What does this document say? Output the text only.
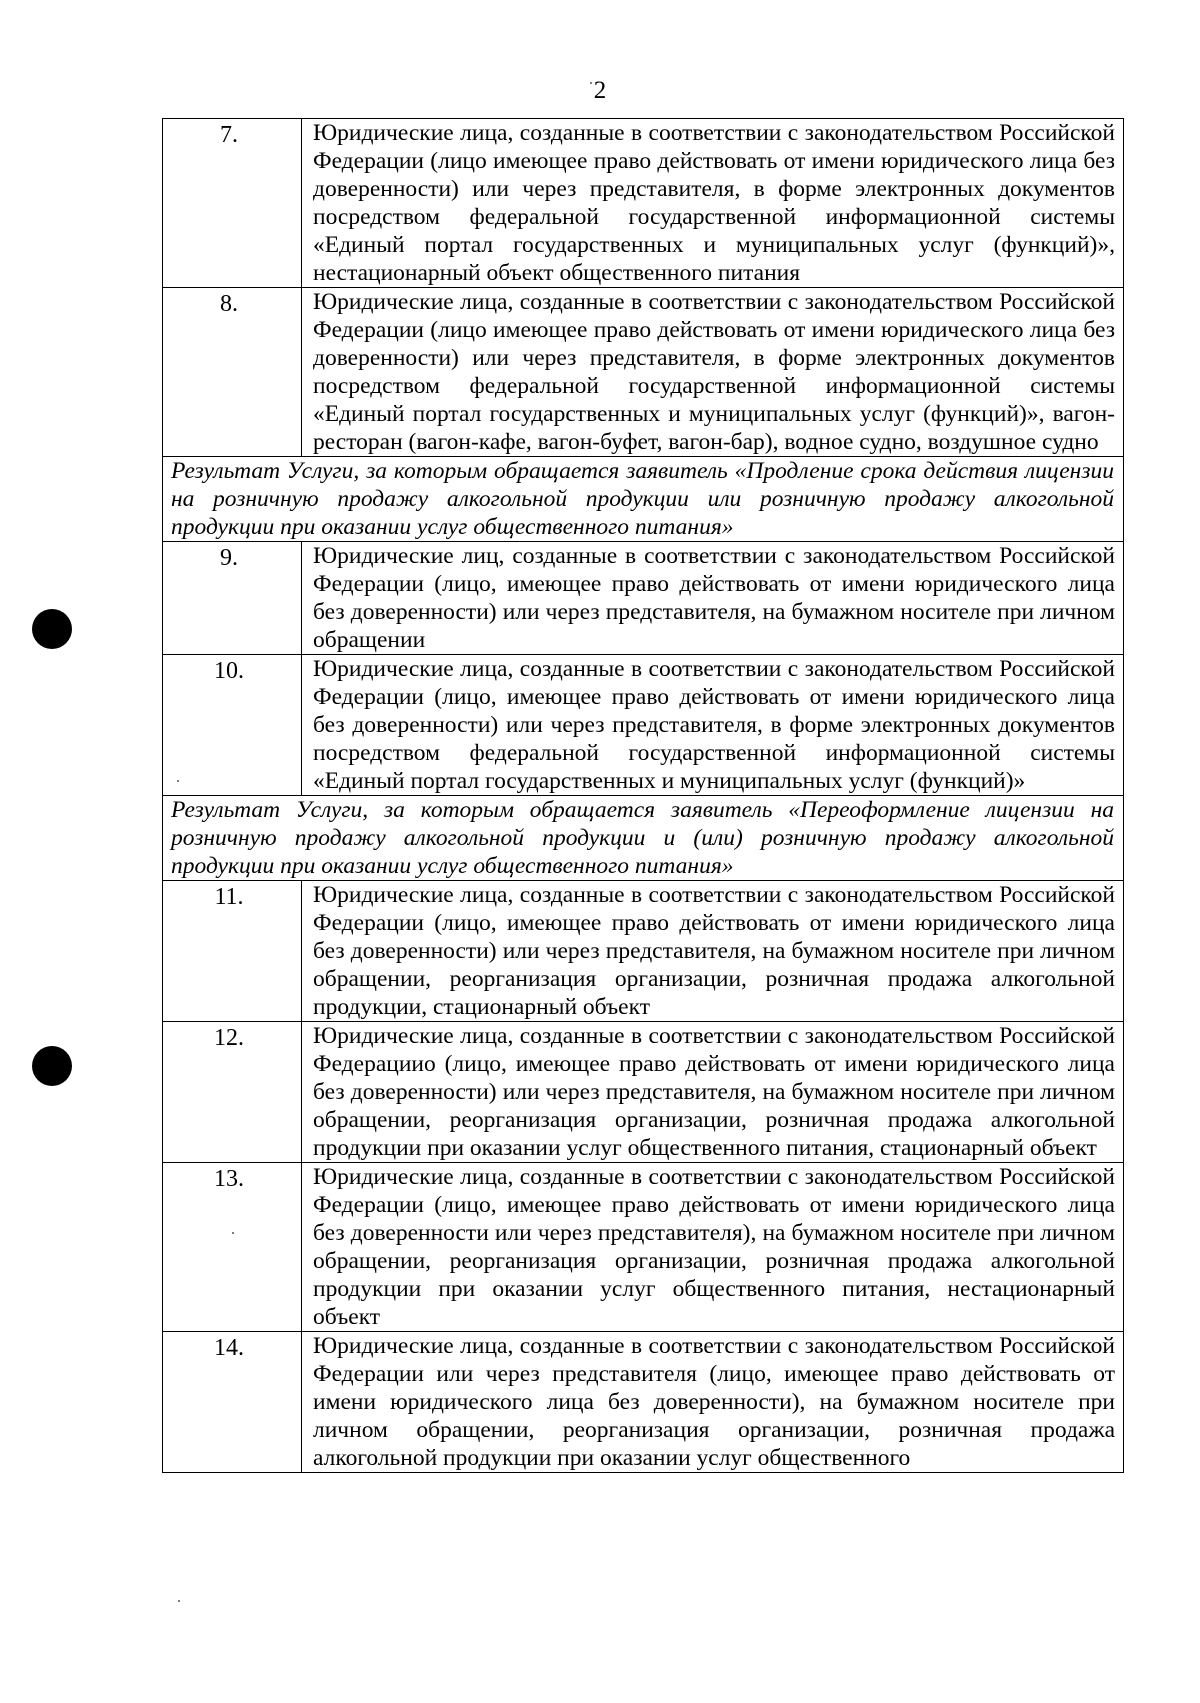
2
7.	Юридические лица, созданные в соответствии с законодательством Российской Федерации (лицо имеющее право действовать от имени юридического лица без доверенности) или через представителя, в форме электронных документов посредством федеральной государственной информационной системы «Единый портал государственных и муниципальных услуг (функций)», нестационарный объект общественного питания
8.	Юридические лица, созданные в соответствии с законодательством Российской Федерации (лицо имеющее право действовать от имени юридического лица без доверенности) или через представителя, в форме электронных документов посредством федеральной государственной информационной системы «Единый портал государственных и муниципальных услуг (функций)», вагон-ресторан (вагон-кафе, вагон-буфет, вагон-бар), водное судно, воздушное судно
Результат Услуги, за которым обращается заявитель «Продление срока действия лицензии на розничную продажу алкогольной продукции или розничную продажу алкогольной продукции при оказании услуг общественного питания»	
9.	Юридические лиц, созданные в соответствии с законодательством Российской Федерации (лицо, имеющее право действовать от имени юридического лица без доверенности) или через представителя, на бумажном носителе при личном обращении
10.	Юридические лица, созданные в соответствии с законодательством Российской Федерации (лицо, имеющее право действовать от имени юридического лица без доверенности) или через представителя, в форме электронных документов посредством федеральной государственной информационной системы «Единый портал государственных и муниципальных услуг (функций)»
Результат Услуги, за которым обращается заявитель «Переоформление лицензии на розничную продажу алкогольной продукции и (или) розничную продажу алкогольной продукции при оказании услуг общественного питания»	
11.	Юридические лица, созданные в соответствии с законодательством Российской Федерации (лицо, имеющее право действовать от имени юридического лица без доверенности) или через представителя, на бумажном носителе при личном обращении, реорганизация организации, розничная продажа алкогольной продукции, стационарный объект
12.	Юридические лица, созданные в соответствии с законодательством Российской Федерациио (лицо, имеющее право действовать от имени юридического лица без доверенности) или через представителя, на бумажном носителе при личном обращении, реорганизация организации, розничная продажа алкогольной продукции при оказании услуг общественного питания, стационарный объект
13.	Юридические лица, созданные в соответствии с законодательством Российской Федерации (лицо, имеющее право действовать от имени юридического лица без доверенности или через представителя), на бумажном носителе при личном обращении, реорганизация организации, розничная продажа алкогольной продукции при оказании услуг общественного питания, нестационарный объект
14.	Юридические лица, созданные в соответствии с законодательством Российской Федерации или через представителя (лицо, имеющее право действовать от имени юридического лица без доверенности), на бумажном носителе при личном обращении, реорганизация организации, розничная продажа алкогольной продукции при оказании услуг общественного
